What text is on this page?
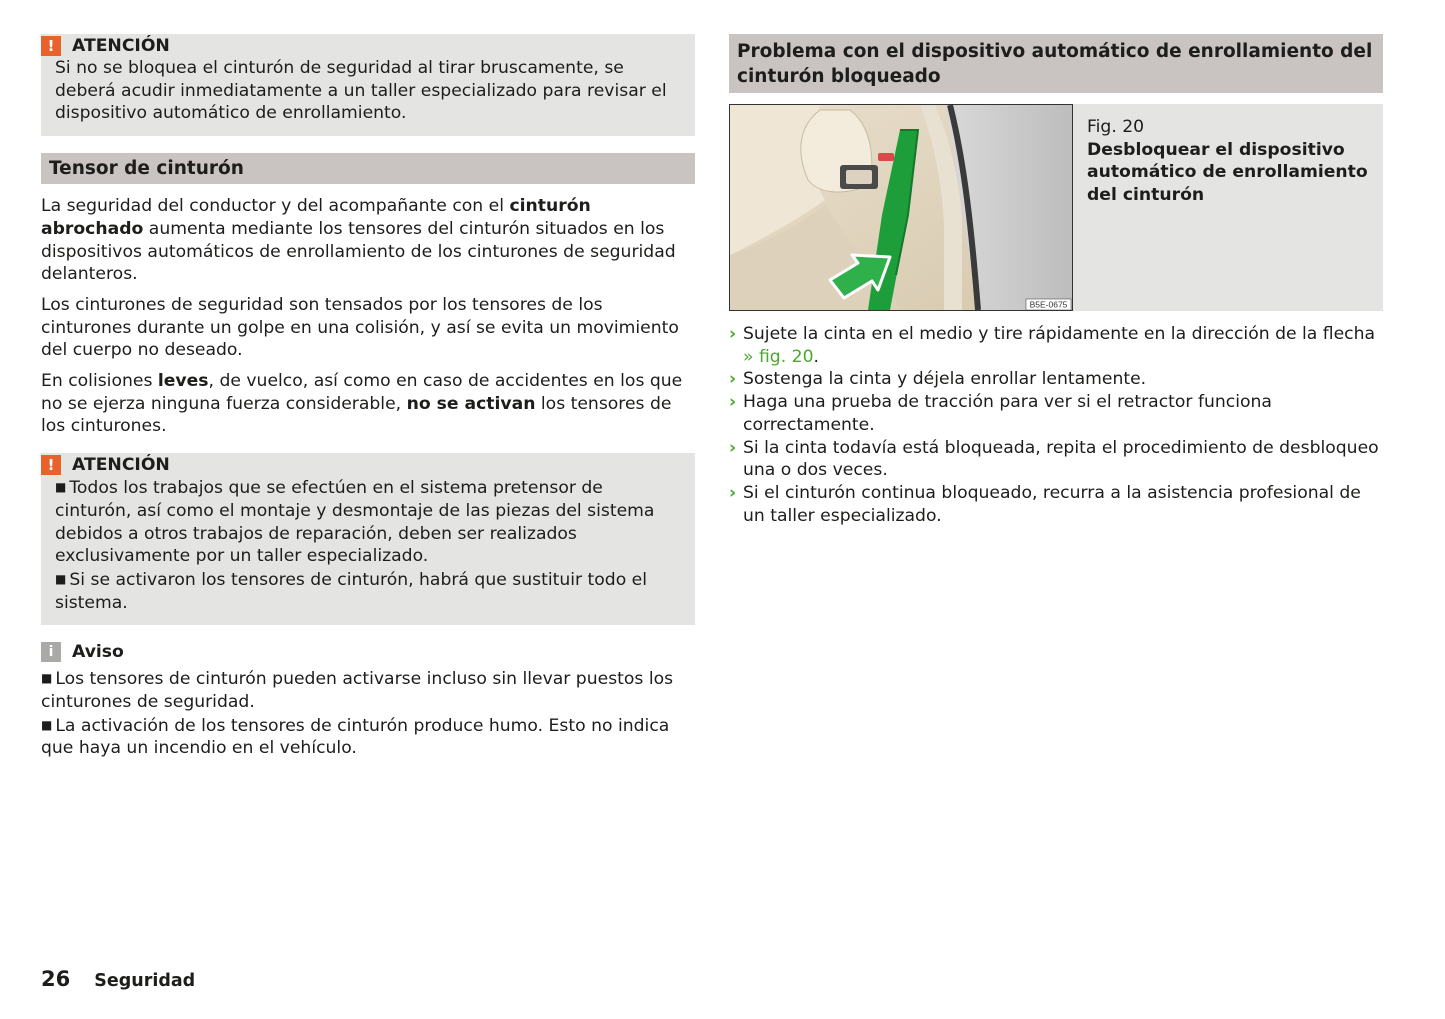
!	ATENCIÓN

Si no se bloquea el cinturón de seguridad al tirar bruscamente, se deberá acudir inmediatamente a un taller especializado para revisar el dispositivo automático de enrollamiento.

Tensor de cinturón

La seguridad del conductor y del acompañante con el cinturón abrochado aumenta mediante los tensores del cinturón situados en los dispositivos automáticos de enrollamiento de los cinturones de seguridad delanteros.

Los cinturones de seguridad son tensados por los tensores de los cinturones durante un golpe en una colisión, y así se evita un movimiento del cuerpo no deseado.

En colisiones leves, de vuelco, así como en caso de accidentes en los que no se ejerza ninguna fuerza considerable, no se activan los tensores de los cinturones.

!	ATENCIÓN

■ Todos los trabajos que se efectúen en el sistema pretensor de cinturón, así como el montaje y desmontaje de las piezas del sistema debidos a otros trabajos de reparación, deben ser realizados exclusivamente por un taller especializado.

■ Si se activaron los tensores de cinturón, habrá que sustituir todo el sistema.

i	Aviso

■ Los tensores de cinturón pueden activarse incluso sin llevar puestos los cinturones de seguridad.

■ La activación de los tensores de cinturón produce humo. Esto no indica que haya un incendio en el vehículo.

Problema con el dispositivo automático de enrollamiento del cinturón bloqueado
B5E-0675
Fig. 20
Desbloquear el dispositivo automático de enrollamiento del cinturón
› Sujete la cinta en el medio y tire rápidamente en la dirección de la flecha » fig. 20.
› Sostenga la cinta y déjela enrollar lentamente.
› Haga una prueba de tracción para ver si el retractor funciona correctamente.
› Si la cinta todavía está bloqueada, repita el procedimiento de desbloqueo una o dos veces.
› Si el cinturón continua bloqueado, recurra a la asistencia profesional de un taller especializado.
26 Seguridad
